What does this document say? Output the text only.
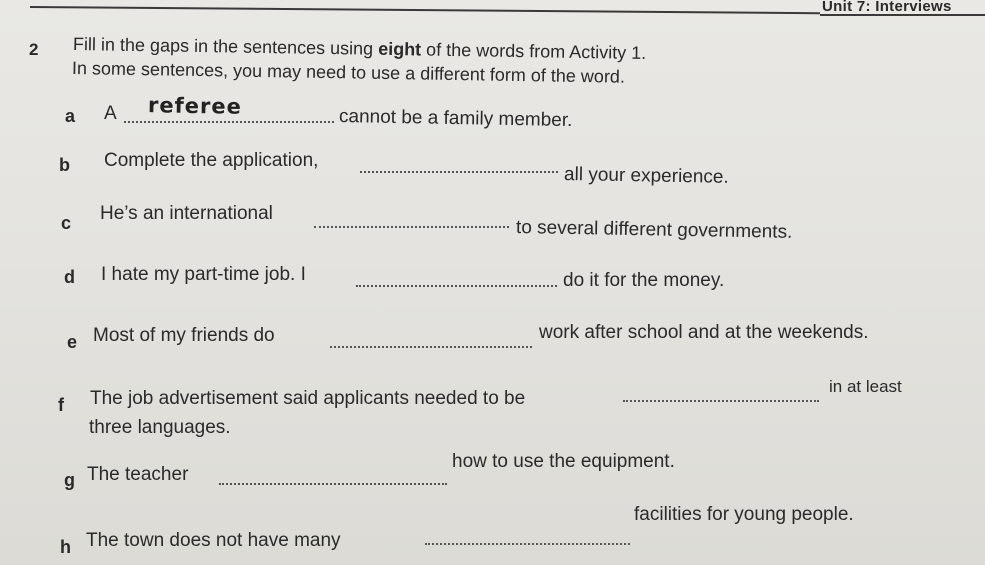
Unit 7: Interviews
2 Fill in the gaps in the sentences using eight of the words from Activity 1.
In some sentences, you may need to use a different form of the word.
a A referee	cannot be a family member.
b Complete the application,
all your experience.
c He’s an international
to several different governments.
d I hate my part-time job. I	do it for the money.
e Most of my friends do	work after school and at the weekends.
f The job advertisement said applicants needed to be
in at least
three languages.
g The teacher
how to use the equipment.
h The town does not have many
facilities for young people.
